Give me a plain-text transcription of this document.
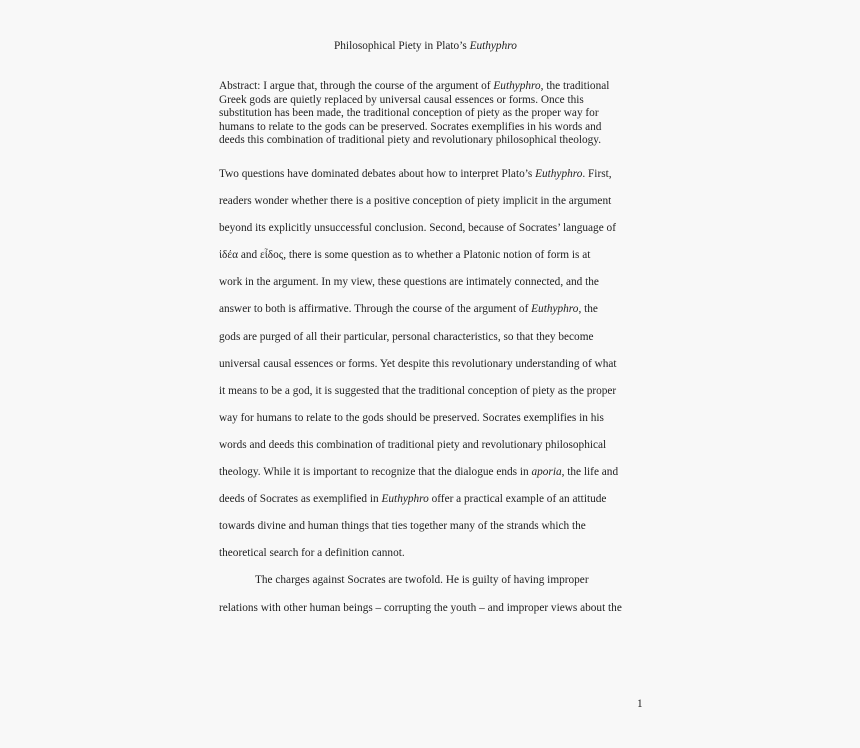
Philosophical Piety in Plato’s Euthyphro
Abstract: I argue that, through the course of the argument of Euthyphro, the traditional
Greek gods are quietly replaced by universal causal essences or forms. Once this
substitution has been made, the traditional conception of piety as the proper way for
humans to relate to the gods can be preserved. Socrates exemplifies in his words and
deeds this combination of traditional piety and revolutionary philosophical theology.
Two questions have dominated debates about how to interpret Plato’s Euthyphro. First,
readers wonder whether there is a positive conception of piety implicit in the argument
beyond its explicitly unsuccessful conclusion. Second, because of Socrates’ language of
ἰδέα and εἶδος, there is some question as to whether a Platonic notion of form is at
work in the argument. In my view, these questions are intimately connected, and the
answer to both is affirmative. Through the course of the argument of Euthyphro, the
gods are purged of all their particular, personal characteristics, so that they become
universal causal essences or forms. Yet despite this revolutionary understanding of what
it means to be a god, it is suggested that the traditional conception of piety as the proper
way for humans to relate to the gods should be preserved. Socrates exemplifies in his
words and deeds this combination of traditional piety and revolutionary philosophical
theology. While it is important to recognize that the dialogue ends in aporia, the life and
deeds of Socrates as exemplified in Euthyphro offer a practical example of an attitude
towards divine and human things that ties together many of the strands which the
theoretical search for a definition cannot.
The charges against Socrates are twofold. He is guilty of having improper
relations with other human beings – corrupting the youth – and improper views about the
1
